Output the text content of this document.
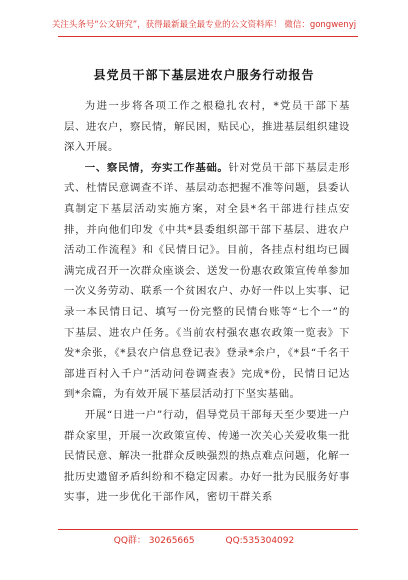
关注头条号“公文研究”，获得最新最全最专业的公文资料库！ 微信：gongwenyj
县党员干部下基层进农户服务行动报告

为进一步将各项工作之根稳扎农村，*党员干部下基层、进农户，察民情，解民困，贴民心，推进基层组织建设深入开展。

一、察民情，夯实工作基础。针对党员干部下基层走形式、杜情民意调查不详、基层动态把握不准等问题，县委认真制定下基层活动实施方案，对全县*名干部进行挂点安排，并向他们印发《中共*县委组织部干部下基层、进农户活动工作流程》和《民情日记》。目前，各挂点村组均已圆满完成召开一次群众座谈会、送发一份惠农政策宣传单参加一次义务劳动、联系一个贫困农户、办好一件以上实事、记录一本民情日记、填写一份完整的民情台账等“七个一”的下基层、进农户任务。《当前农村强农惠农政策一览表》下发*余张，《*县农户信息登记表》登录*余户，《*县“千名干部进百村入千户”活动问卷调查表》完成*份，民情日记达到*余篇，为有效开展下基层活动打下坚实基础。

开展“日进一户”行动，倡导党员干部每天至少要进一户群众家里，开展一次政策宣传、传递一次关心关爱收集一批民情民意、解决一批群众反映强烈的热点难点问题，化解一批历史遗留矛盾纠纷和不稳定因素。办好一批为民服务好事实事，进一步优化干部作风，密切干群关系

QQ群： 30265665	QQ:535304092
